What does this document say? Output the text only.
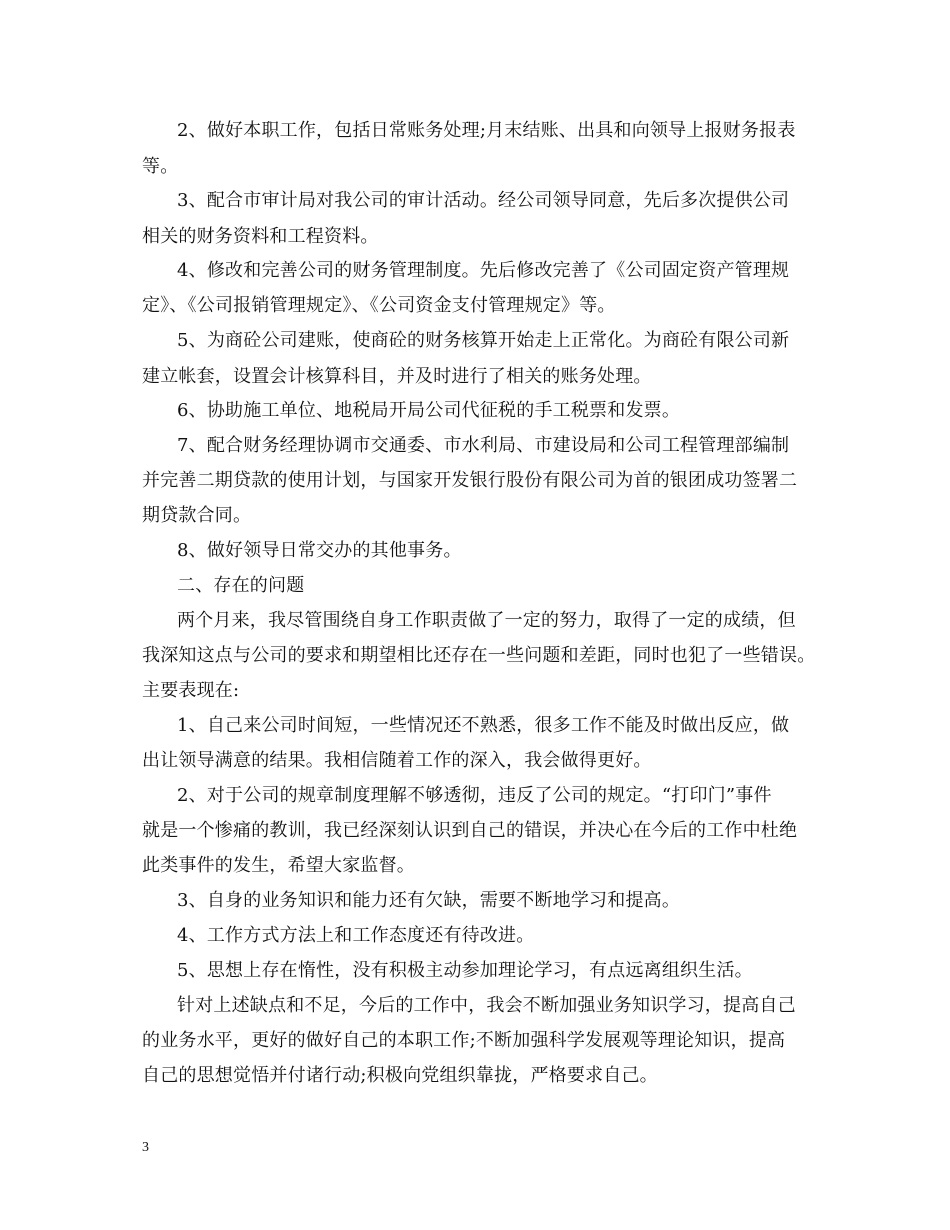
2、做好本职工作，包括日常账务处理;月末结账、出具和向领导上报财务报表
等。
3、配合市审计局对我公司的审计活动。经公司领导同意，先后多次提供公司
相关的财务资料和工程资料。
4、修改和完善公司的财务管理制度。先后修改完善了《公司固定资产管理规
定》、《公司报销管理规定》、《公司资金支付管理规定》等。
5、为商砼公司建账，使商砼的财务核算开始走上正常化。为商砼有限公司新
建立帐套，设置会计核算科目，并及时进行了相关的账务处理。
6、协助施工单位、地税局开局公司代征税的手工税票和发票。
7、配合财务经理协调市交通委、市水利局、市建设局和公司工程管理部编制
并完善二期贷款的使用计划，与国家开发银行股份有限公司为首的银团成功签署二
期贷款合同。
8、做好领导日常交办的其他事务。
二、存在的问题
两个月来，我尽管围绕自身工作职责做了一定的努力，取得了一定的成绩，但
我深知这点与公司的要求和期望相比还存在一些问题和差距，同时也犯了一些错误。
主要表现在:
1、自己来公司时间短，一些情况还不熟悉，很多工作不能及时做出反应，做
出让领导满意的结果。我相信随着工作的深入，我会做得更好。
2、对于公司的规章制度理解不够透彻，违反了公司的规定。“打印门”事件
就是一个惨痛的教训，我已经深刻认识到自己的错误，并决心在今后的工作中杜绝
此类事件的发生，希望大家监督。
3、自身的业务知识和能力还有欠缺，需要不断地学习和提高。
4、工作方式方法上和工作态度还有待改进。
5、思想上存在惰性，没有积极主动参加理论学习，有点远离组织生活。
针对上述缺点和不足，今后的工作中，我会不断加强业务知识学习，提高自己
的业务水平，更好的做好自己的本职工作;不断加强科学发展观等理论知识，提高
自己的思想觉悟并付诸行动;积极向党组织靠拢，严格要求自己。
3
